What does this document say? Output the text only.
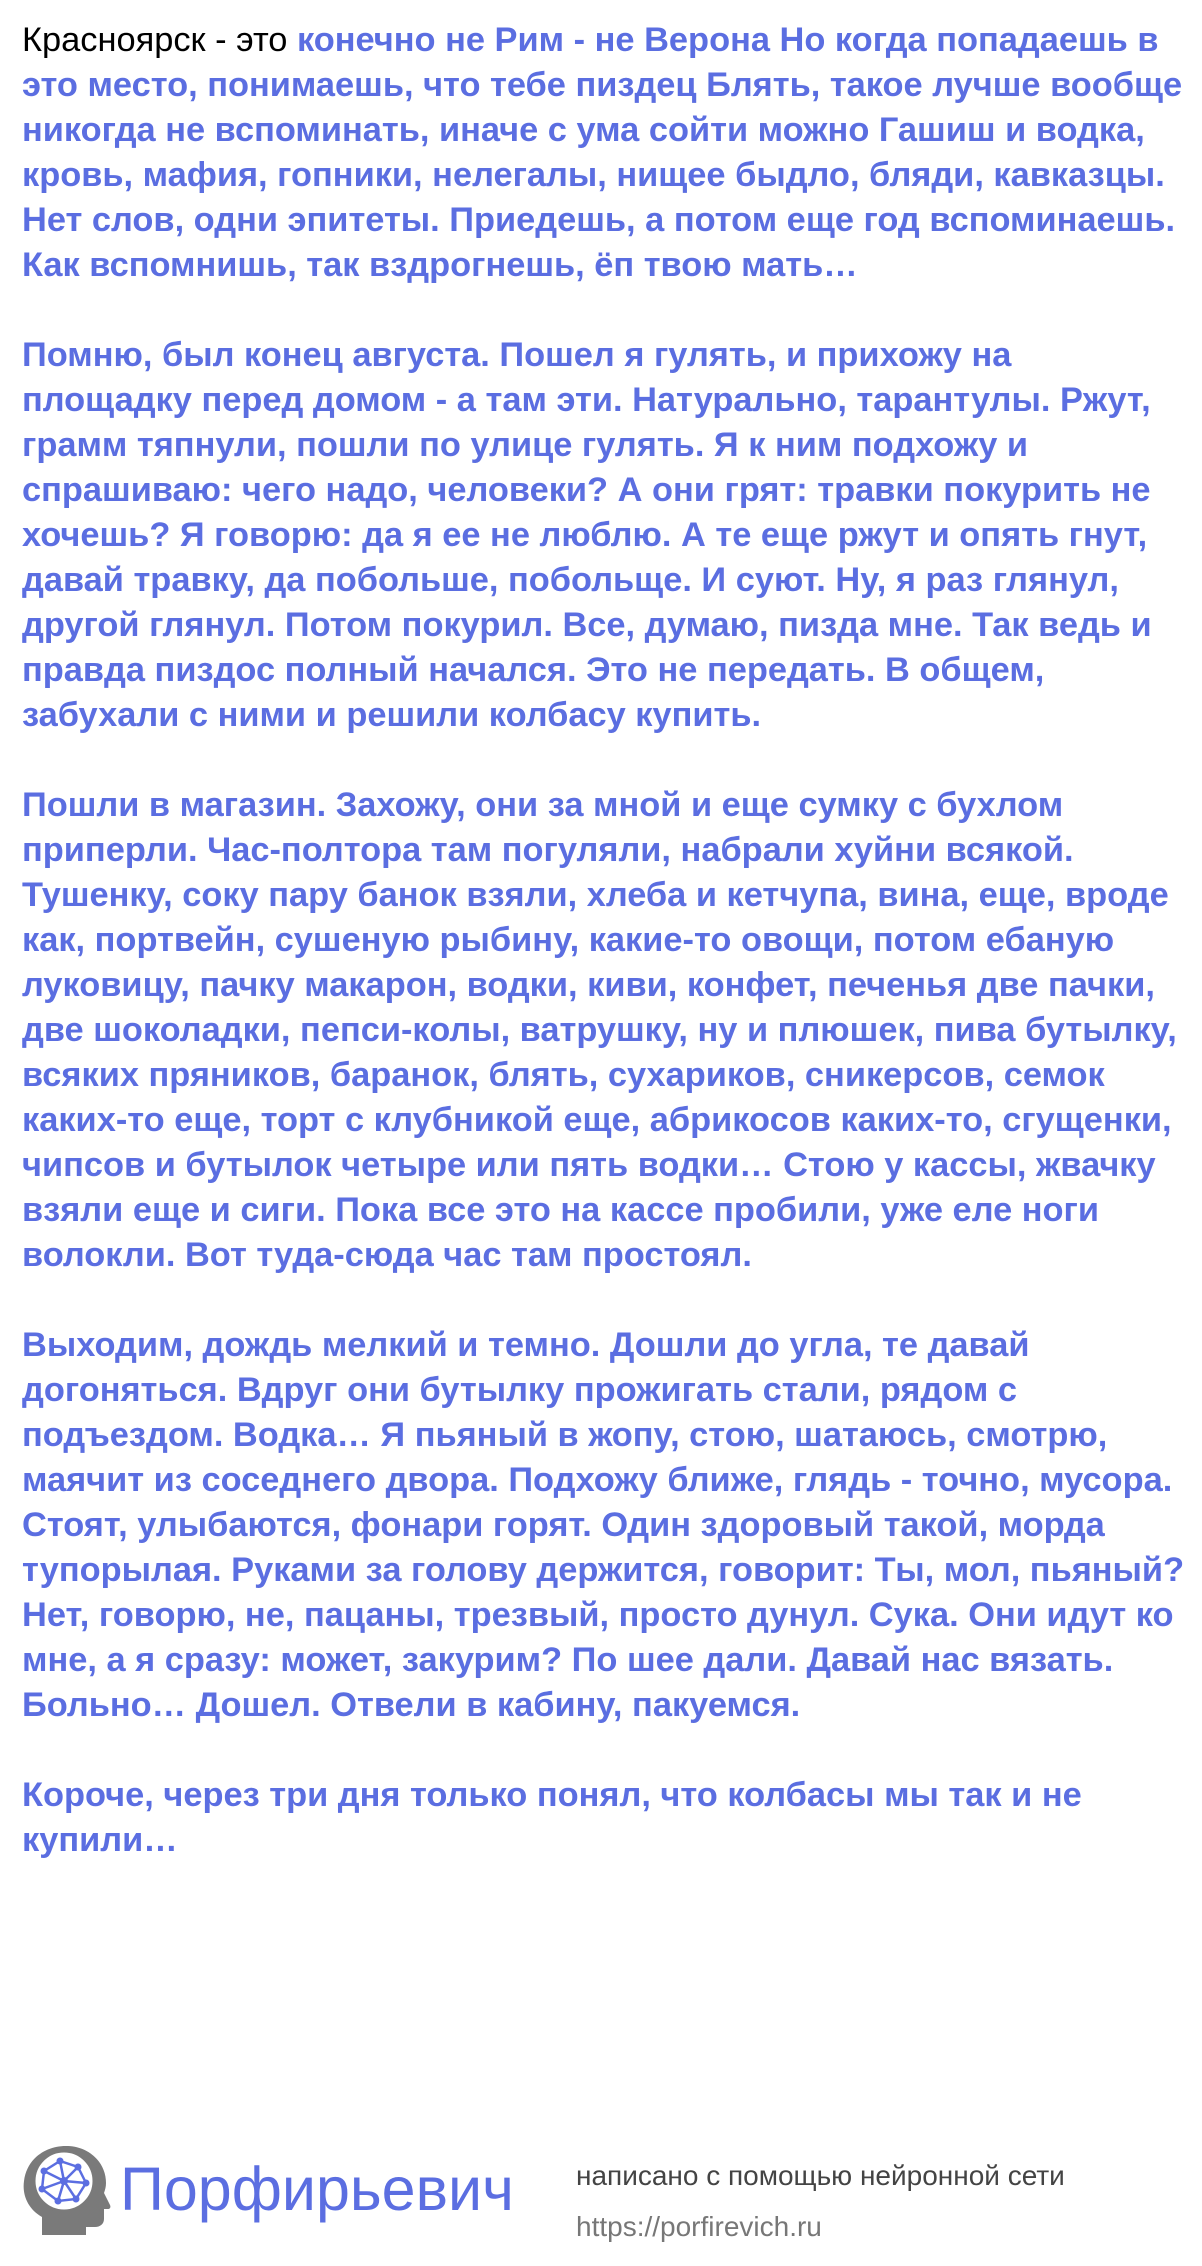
Красноярск - это конечно не Рим - не Верона Но когда попадаешь в это место, понимаешь, что тебе пиздец Блять, такое лучше вообще никогда не вспоминать, иначе с ума сойти можно Гашиш и водка, кровь, мафия, гопники, нелегалы, нищее быдло, бляди, кавказцы. Нет слов, одни эпитеты. Приедешь, а потом еще год вспоминаешь. Как вспомнишь, так вздрогнешь, ёп твою мать…

Помню, был конец августа. Пошел я гулять, и прихожу на площадку перед домом - а там эти. Натурально, тарантулы. Ржут, грамм тяпнули, пошли по улице гулять. Я к ним подхожу и спрашиваю: чего надо, человеки? А они грят: травки покурить не хочешь? Я говорю: да я ее не люблю. А те еще ржут и опять гнут, давай травку, да побольше, побольще. И суют. Ну, я раз глянул, другой глянул. Потом покурил. Все, думаю, пизда мне. Так ведь и правда пиздос полный начался. Это не передать. В общем, забухали с ними и решили колбасу купить.

Пошли в магазин. Захожу, они за мной и еще сумку с бухлом приперли. Час-полтора там погуляли, набрали хуйни всякой. Тушенку, соку пару банок взяли, хлеба и кетчупа, вина, еще, вроде как, портвейн, сушеную рыбину, какие-то овощи, потом ебаную луковицу, пачку макарон, водки, киви, конфет, печенья две пачки, две шоколадки, пепси-колы, ватрушку, ну и плюшек, пива бутылку, всяких пряников, баранок, блять, сухариков, сникерсов, семок каких-то еще, торт с клубникой еще, абрикосов каких-то, сгущенки, чипсов и бутылок четыре или пять водки… Стою у кассы, жвачку взяли еще и сиги. Пока все это на кассе пробили, уже еле ноги волокли. Вот туда-сюда час там простоял.

Выходим, дождь мелкий и темно. Дошли до угла, те давай догоняться. Вдруг они бутылку прожигать стали, рядом с подъездом. Водка… Я пьяный в жопу, стою, шатаюсь, смотрю, маячит из соседнего двора. Подхожу ближе, глядь - точно, мусора. Стоят, улыбаются, фонари горят. Один здоровый такой, морда тупорылая. Руками за голову держится, говорит: Ты, мол, пьяный? Нет, говорю, не, пацаны, трезвый, просто дунул. Сука. Они идут ко мне, а я сразу: может, закурим? По шее дали. Давай нас вязать. Больно… Дошел. Отвели в кабину, пакуемся.

Короче, через три дня только понял, что колбасы мы так и не купили…

Порфирьевич написано с помощью нейронной сети
https://porfirevich.ru
